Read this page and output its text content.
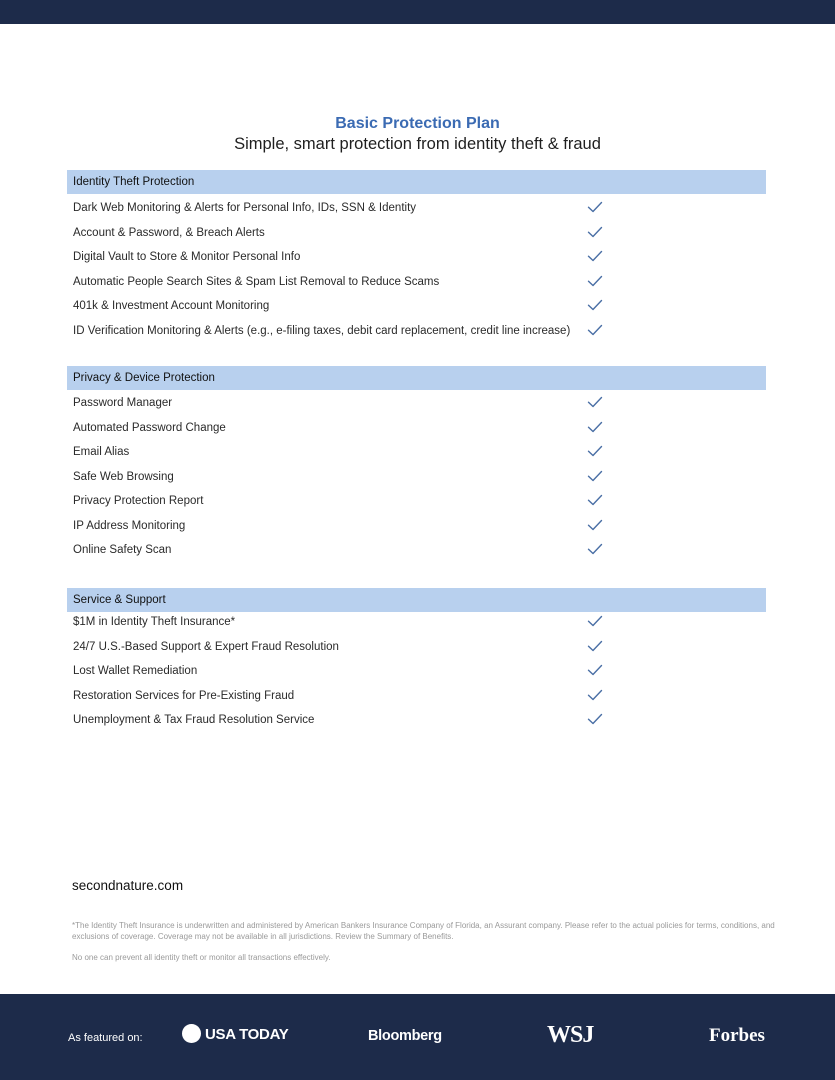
Basic Protection Plan
Simple, smart protection from identity theft & fraud
Identity Theft Protection
Dark Web Monitoring & Alerts for Personal Info, IDs, SSN & Identity
Account & Password, & Breach Alerts
Digital Vault to Store & Monitor Personal Info
Automatic People Search Sites & Spam List Removal to Reduce Scams
401k & Investment Account Monitoring
ID Verification Monitoring & Alerts (e.g., e-filing taxes, debit card replacement, credit line increase)
Privacy & Device Protection
Password Manager
Automated Password Change
Email Alias
Safe Web Browsing
Privacy Protection Report
IP Address Monitoring
Online Safety Scan
Service & Support
$1M in Identity Theft Insurance*
24/7 U.S.-Based Support & Expert Fraud Resolution
Lost Wallet Remediation
Restoration Services for Pre-Existing Fraud
Unemployment & Tax Fraud Resolution Service
secondnature.com
*The Identity Theft Insurance is underwritten and administered by American Bankers Insurance Company of Florida, an Assurant company. Please refer to the actual policies for terms, conditions, and exclusions of coverage. Coverage may not be available in all jurisdictions. Review the Summary of Benefits.
No one can prevent all identity theft or monitor all transactions effectively.
As featured on:	USA TODAY	Bloomberg	WSJ	Forbes
